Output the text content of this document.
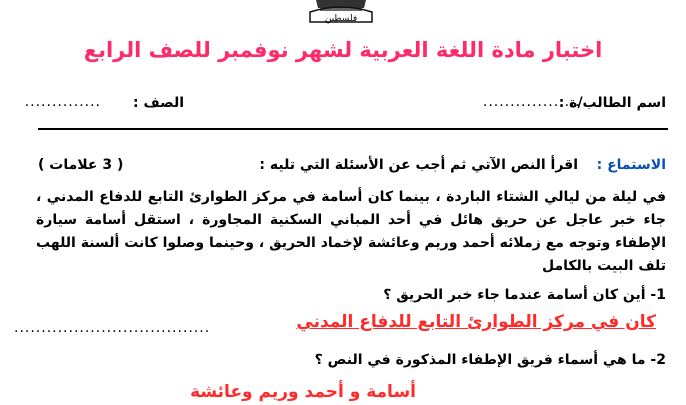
فلسطين
اختبار مادة اللغة العربية لشهر نوفمبر للصف الرابع
اسم الطالب/ة :
..................
الصف :
..............
الاستماع :
اقرأ النص الآتي ثم أجب عن الأسئلة التي تليه :
( 3 علامات )
في ليلة من ليالي الشتاء الباردة ، بينما كان أسامة في مركز الطوارئ التابع للدفاع المدني ، جاء خبر عاجل عن حريق هائل في أحد المباني السكنية المجاورة ، استقل أسامة سيارة الإطفاء وتوجه مع زملائه أحمد وريم وعائشة لإخماد الحريق ، وحينما وصلوا كانت ألسنة اللهب تلف البيت بالكامل
1- أين كان أسامة عندما جاء خبر الحريق ؟
كان في مركز الطوارئ التابع للدفاع المدني
....................................
2- ما هي أسماء فريق الإطفاء المذكورة في النص ؟
أسامة و أحمد وريم وعائشة
